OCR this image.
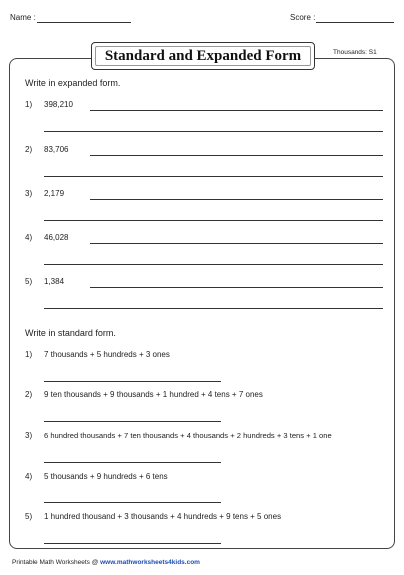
Name :	Score :
Standard and Expanded Form	Thousands: S1
Write in expanded form.
1) 398,210
2) 83,706
3) 2,179
4) 46,028
5) 1,384
Write in standard form.
1) 7 thousands + 5 hundreds + 3 ones
2) 9 ten thousands + 9 thousands + 1 hundred + 4 tens + 7 ones
3) 6 hundred thousands + 7 ten thousands + 4 thousands + 2 hundreds + 3 tens + 1 one
4) 5 thousands + 9 hundreds + 6 tens
5) 1 hundred thousand + 3 thousands + 4 hundreds + 9 tens + 5 ones
Printable Math Worksheets @ www.mathworksheets4kids.com
